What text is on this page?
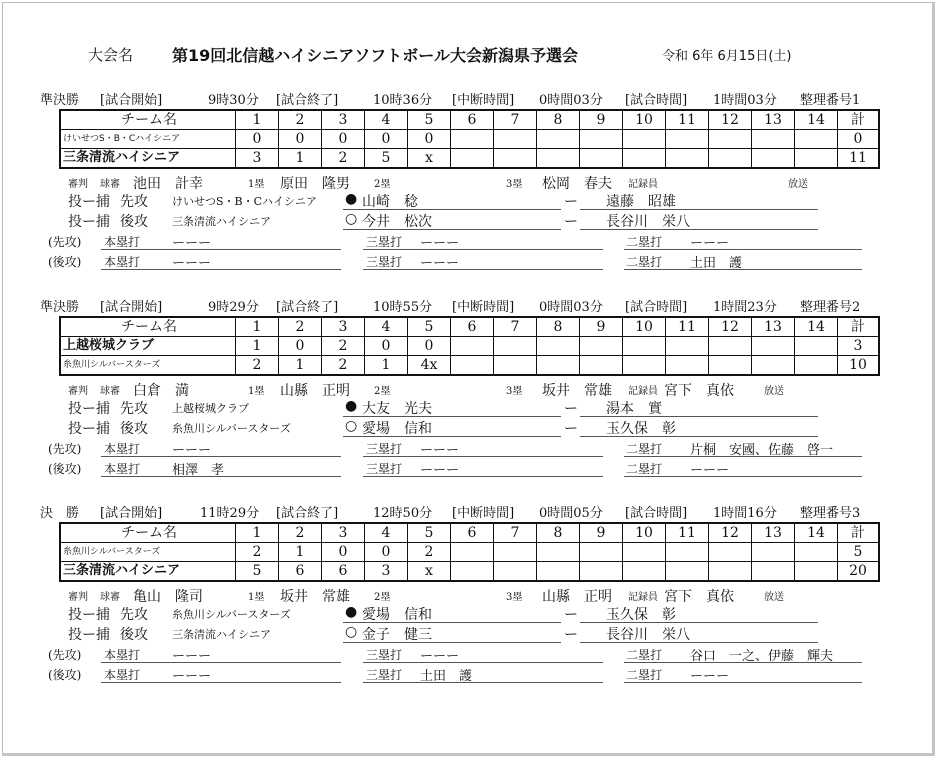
大会名 第19回北信越ハイシニアソフトボール大会新潟県予選会	令和 6年 6月15日(土)
準決勝 [試合開始]	9時30分 [試合終了]	10時36分 [中断時間] 0時間03分 [試合時間] 1時間03分 整理番号1
チーム名	1	2	3	4	5	6	7	8	9	10	11	12	13	14	計
けいせつS・B・Cハイシニア	0	0	0	0	0										0
三条清流ハイシニア	3	1	2	5	x										11
審判 球審 池田　計幸	1塁 原田　隆男 2塁	3塁 松岡　春夫 記録員	放送
投ー捕 先攻 けいせつS・B・Cハイシニア ● 山崎　稔	ー 遠藤　昭雄
投ー捕 後攻 三条清流ハイシニア	○ 今井　松次	ー 長谷川　栄八
(先攻) 本塁打 ーーー	三塁打 ーーー	二塁打 ーーー
(後攻) 本塁打 ーーー	三塁打 ーーー	二塁打 土田　護
準決勝 [試合開始]	9時29分 [試合終了]	10時55分 [中断時間] 0時間03分 [試合時間] 1時間23分 整理番号2
チーム名	1	2	3	4	5	6	7	8	9	10	11	12	13	14	計
上越桜城クラブ	1	0	2	0	0										3
糸魚川シルバースターズ	2	1	2	1	4x										10
審判 球審 白倉　満	1塁 山縣　正明 2塁	3塁 坂井　常雄 記録員 宮下　真依	放送
投ー捕 先攻 上越桜城クラブ	● 大友　光夫	ー 湯本　實
投ー捕 後攻 糸魚川シルバースターズ	○ 愛場　信和	ー 玉久保　彰
(先攻) 本塁打 ーーー	三塁打 ーーー	二塁打 片桐　安國、佐藤　啓一
(後攻) 本塁打 相澤　孝	三塁打 ーーー	二塁打 ーーー
決　勝 [試合開始]	11時29分 [試合終了]	12時50分 [中断時間] 0時間05分 [試合時間] 1時間16分 整理番号3
チーム名	1	2	3	4	5	6	7	8	9	10	11	12	13	14	計
糸魚川シルバースターズ	2	1	0	0	2										5
三条清流ハイシニア	5	6	6	3	x										20
審判 球審 亀山　隆司	1塁 坂井　常雄 2塁	3塁 山縣　正明 記録員 宮下　真依	放送
投ー捕 先攻 糸魚川シルバースターズ	● 愛場　信和	ー 玉久保　彰
投ー捕 後攻 三条清流ハイシニア	○ 金子　健三	ー 長谷川　栄八
(先攻) 本塁打 ーーー	三塁打 ーーー	二塁打 谷口　一之、伊藤　輝夫
(後攻) 本塁打 ーーー	三塁打 土田　護	二塁打 ーーー
